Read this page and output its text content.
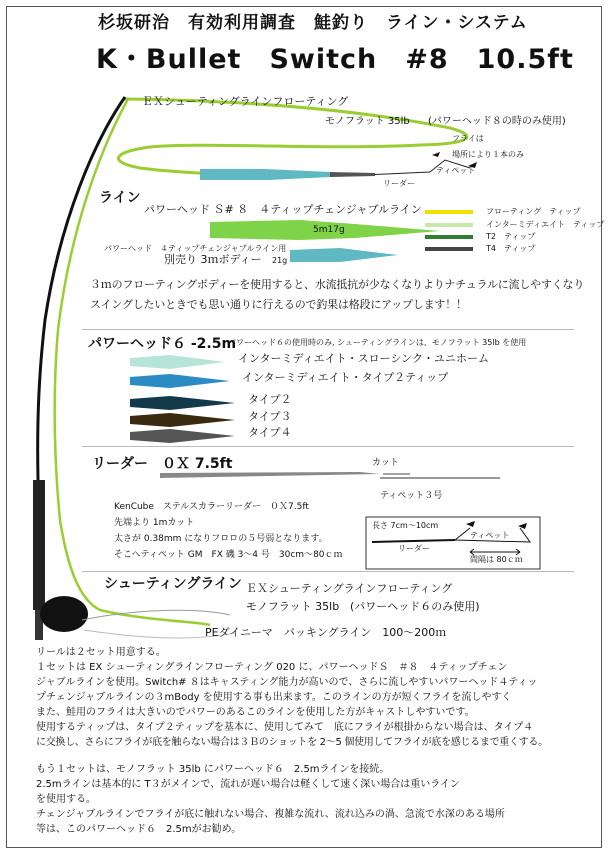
杉坂研治　有効利用調査　鮭釣り　ライン・システム
K・Bullet　Switch　#8　10.5ft
ＥＸシューティングラインフローティング
モノフラット 35lb (パワーヘッド８の時のみ使用)
フライは
場所により１本のみ
ティペット
リーダー
ライン
パワーヘッド Ｓ# ８　４ティップチェンジャブルライン
5m17g
パワーヘッド　４ティップチェンジャブルライン用
別売り 3ｍボディー 21g
フローティング　ティップ
インターミディエイト　ティップ
T2　ティップ
T4　ティップ
３ｍのフローティングボディーを使用すると、水流抵抗が少なくなりよりナチュラルに流しやすくなり
スイングしたいときでも思い通りに行えるので釣果は格段にアップします！！
パワーヘッド６ -2.5m
パワーヘッド６の使用時のみ, シューティングラインは、モノフラット 35lb を使用
インターミディエイト・スローシンク・ユニホーム
インターミディエイト・タイプ２ティップ
タイプ２
タイプ３
タイプ４
リーダー　０Ｘ 7.5ft	カット
ティペット３号
KenCube　ステルスカラーリーダー　０Ｘ7.5ft
先端より 1mカット
太さが 0.38mm になりフロロの５号弱となります。
そこへティペット GM　FX 磯 3～4 号　30cm～80ｃｍ
長さ 7cm～10cm
リーダー
ティペット
間隔は 80ｃｍ
シューティングライン ＥＸシューティングラインフローティング
モノフラット 35lb (パワーヘッド６のみ使用)
PEダイニーマ　バッキングライン　100～200ｍ
リールは２セット用意する。
１セットは EX シューティングラインフローティング 020 に、パワーヘッドＳ　＃８　４ティップチェン
ジャブルラインを使用。Switch# ８はキャスティング能力が高いので、さらに流しやすいパワーヘッド４ティッ
プチェンジャブルラインの３mBody を使用する事も出来ます。このラインの方が短くフライを流しやすく
また、鮭用のフライは大きいのでパワーのあるこのラインを使用した方がキャストしやすいです。
使用するティップは、タイプ２ティップを基本に、使用してみて　底にフライが根掛からない場合は、タイプ４
に交換し、さらにフライが底を触らない場合は３Ｂのショットを 2～5 個使用してフライが底を感じるまで重くする。
もう１セットは、モノフラット 35lb にパワーヘッド６　2.5mラインを接続。
2.5mラインは基本的に T３がメインで、流れが遅い場合は軽くして速く深い場合は重いライン
を使用する。
チェンジャブルラインでフライが底に触れない場合、複雑な流れ、流れ込みの渦、急流で水深のある場所
等は、このパワーヘッド６　2.5mがお勧め。
